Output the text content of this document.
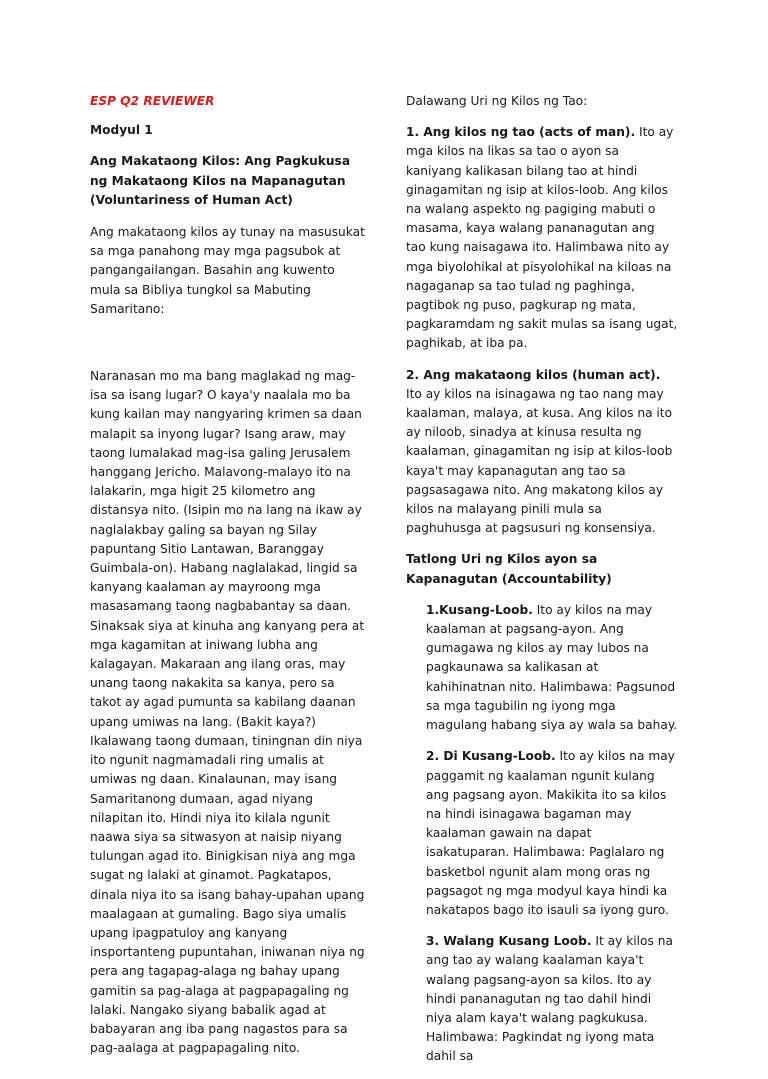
ESP Q2 REVIEWER

Modyul 1

Ang Makataong Kilos: Ang Pagkukusa ng Makataong Kilos na Mapanagutan (Voluntariness of Human Act)

Ang makataong kilos ay tunay na masusukat sa mga panahong may mga pagsubok at pangangailangan. Basahin ang kuwento mula sa Bibliya tungkol sa Mabuting Samaritano:

Naranasan mo ma bang maglakad ng mag-isa sa isang lugar? O kaya'y naalala mo ba kung kailan may nangyaring krimen sa daan malapit sa inyong lugar? Isang araw, may taong lumalakad mag-isa galing Jerusalem hanggang Jericho. Malavong-malayo ito na lalakarin, mga higit 25 kilometro ang distansya nito. (Isipin mo na lang na ikaw ay naglalakbay galing sa bayan ng Silay papuntang Sitio Lantawan, Baranggay Guimbala-on). Habang naglalakad, lingid sa kanyang kaalaman ay mayroong mga masasamang taong nagbabantay sa daan. Sinaksak siya at kinuha ang kanyang pera at mga kagamitan at iniwang lubha ang kalagayan. Makaraan ang ilang oras, may unang taong nakakita sa kanya, pero sa takot ay agad pumunta sa kabilang daanan upang umiwas na lang. (Bakit kaya?) Ikalawang taong dumaan, tiningnan din niya ito ngunit nagmamadali ring umalis at umiwas ng daan. Kinalaunan, may isang Samaritanong dumaan, agad niyang nilapitan ito. Hindi niya ito kilala ngunit naawa siya sa sitwasyon at naisip niyang tulungan agad ito. Binigkisan niya ang mga sugat ng lalaki at ginamot. Pagkatapos, dinala niya ito sa isang bahay-upahan upang maalagaan at gumaling. Bago siya umalis upang ipagpatuloy ang kanyang insportanteng pupuntahan, iniwanan niya ng pera ang tagapag-alaga ng bahay upang gamitin sa pag-alaga at pagpapagaling ng lalaki. Nangako siyang babalik agad at babayaran ang iba pang nagastos para sa pag-aalaga at pagpapagaling nito.

Dalawang Uri ng Kilos ng Tao:

1. Ang kilos ng tao (acts of man). Ito ay mga kilos na likas sa tao o ayon sa kaniyang kalikasan bilang tao at hindi ginagamitan ng isip at kilos-loob. Ang kilos na walang aspekto ng pagiging mabuti o masama, kaya walang pananagutan ang tao kung naisagawa ito. Halimbawa nito ay mga biyolohikal at pisyolohikal na kiloas na nagaganap sa tao tulad ng paghinga, pagtibok ng puso, pagkurap ng mata, pagkaramdam ng sakit mulas sa isang ugat, paghikab, at iba pa.

2. Ang makataong kilos (human act). Ito ay kilos na isinagawa ng tao nang may kaalaman, malaya, at kusa. Ang kilos na ito ay niloob, sinadya at kinusa resulta ng kaalaman, ginagamitan ng isip at kilos-loob kaya't may kapanagutan ang tao sa pagsasagawa nito. Ang makatong kilos ay kilos na malayang pinili mula sa paghuhusga at pagsusuri ng konsensiya.

Tatlong Uri ng Kilos ayon sa Kapanagutan (Accountability)

1.Kusang-Loob. Ito ay kilos na may kaalaman at pagsang-ayon. Ang gumagawa ng kilos ay may lubos na pagkaunawa sa kalikasan at kahihinatnan nito. Halimbawa: Pagsunod sa mga tagubilin ng iyong mga magulang habang siya ay wala sa bahay.

2. Di Kusang-Loob. Ito ay kilos na may paggamit ng kaalaman ngunit kulang ang pagsang ayon. Makikita ito sa kilos na hindi isinagawa bagaman may kaalaman gawain na dapat isakatuparan. Halimbawa: Paglalaro ng basketbol ngunit alam mong oras ng pagsagot ng mga modyul kaya hindi ka nakatapos bago ito isauli sa iyong guro.

3. Walang Kusang Loob. It ay kilos na ang tao ay walang kaalaman kaya't walang pagsang-ayon sa kilos. Ito ay hindi pananagutan ng tao dahil hindi niya alam kaya't walang pagkukusa. Halimbawa: Pagkindat ng iyong mata dahil sa
